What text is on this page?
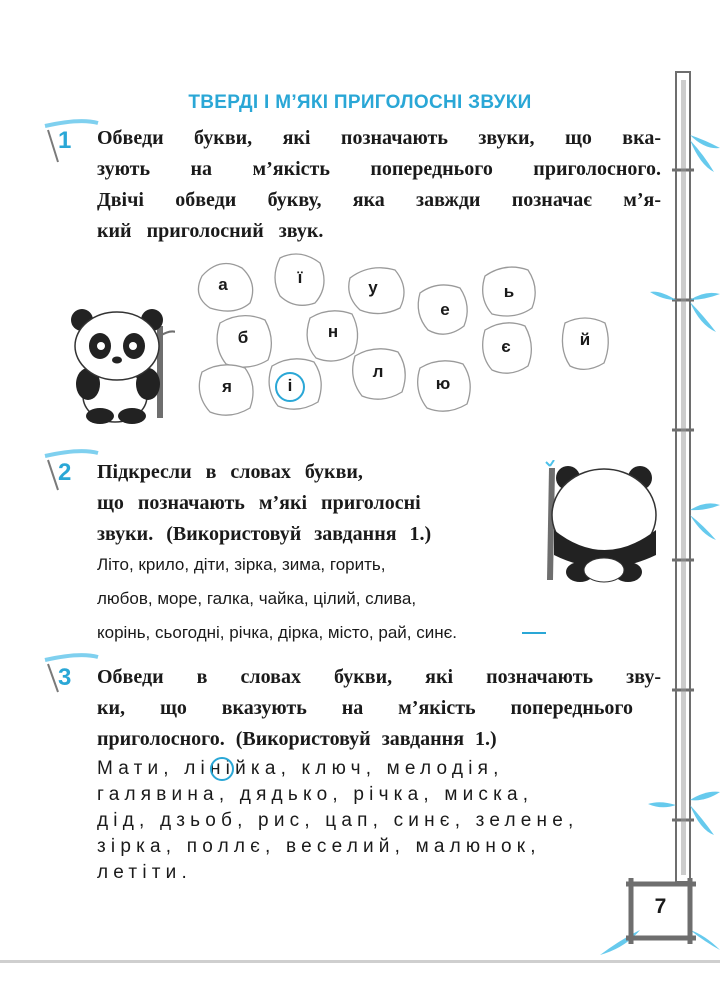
ТВЕРДІ І М’ЯКІ ПРИГОЛОСНІ ЗВУКИ
1 Обведи букви, які позначають звуки, що вка-
зують на м’якість попереднього приголосного.
Двічі обведи букву, яка завжди позначає м’я-
кий приголосний звук.
а	ї
у
е
ь
б	н
є	й
я	і
л
ю
2 Підкресли в словах букви,
що позначають м’які приголосні
звуки. (Використовуй завдання 1.)
Літо, крило, діти, зірка, зима, горить,
любов, море, галка, чайка, цілий, слива,
корінь, сьогодні, річка, дірка, місто, рай, синє.
3 Обведи в словах букви, які позначають зву-
ки, що вказують на м’якість попереднього
приголосного. (Використовуй завдання 1.)
Мати, лінійка, ключ, мелодія,
галявина, дядько, річка, миска,
дід, дзьоб, рис, цап, синє, зелене,
зірка, поллє, веселий, малюнок,
летіти.
7
